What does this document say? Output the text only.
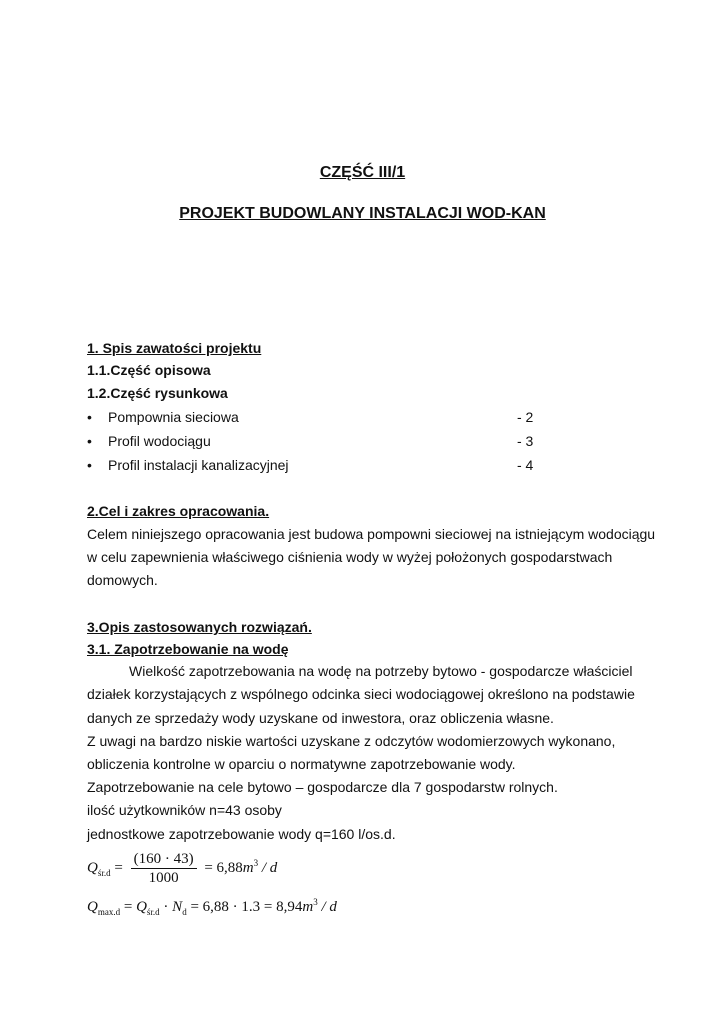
CZĘŚĆ III/1
PROJEKT BUDOWLANY INSTALACJI WOD-KAN
1. Spis zawatości projektu
1.1.Część opisowa
1.2.Część rysunkowa
• Pompownia sieciowa	- 2
• Profil wodociągu	- 3
• Profil instalacji kanalizacyjnej	- 4
2.Cel i zakres opracowania.
Celem niniejszego opracowania jest budowa pompowni sieciowej na istniejącym wodociągu
w celu zapewnienia właściwego ciśnienia wody w wyżej położonych gospodarstwach
domowych.
3.Opis zastosowanych rozwiązań.
3.1. Zapotrzebowanie na wodę
Wielkość zapotrzebowania na wodę na potrzeby bytowo - gospodarcze właściciel
działek korzystających z wspólnego odcinka sieci wodociągowej określono na podstawie
danych ze sprzedaży wody uzyskane od inwestora, oraz obliczenia własne.
Z uwagi na bardzo niskie wartości uzyskane z odczytów wodomierzowych wykonano,
obliczenia kontrolne w oparciu o normatywne zapotrzebowanie wody.
Zapotrzebowanie na cele bytowo – gospodarcze dla 7 gospodarstw rolnych.
ilość użytkowników n=43 osoby
jednostkowe zapotrzebowanie wody q=160 l/os.d.
$Q_{śr.d} = \frac{(160 \cdot 43)}{1000} = 6,88m^3 / d$
$Q_{max.d} = Q_{śr.d} \cdot N_d = 6,88 \cdot 1.3 = 8,94m^3 / d$
